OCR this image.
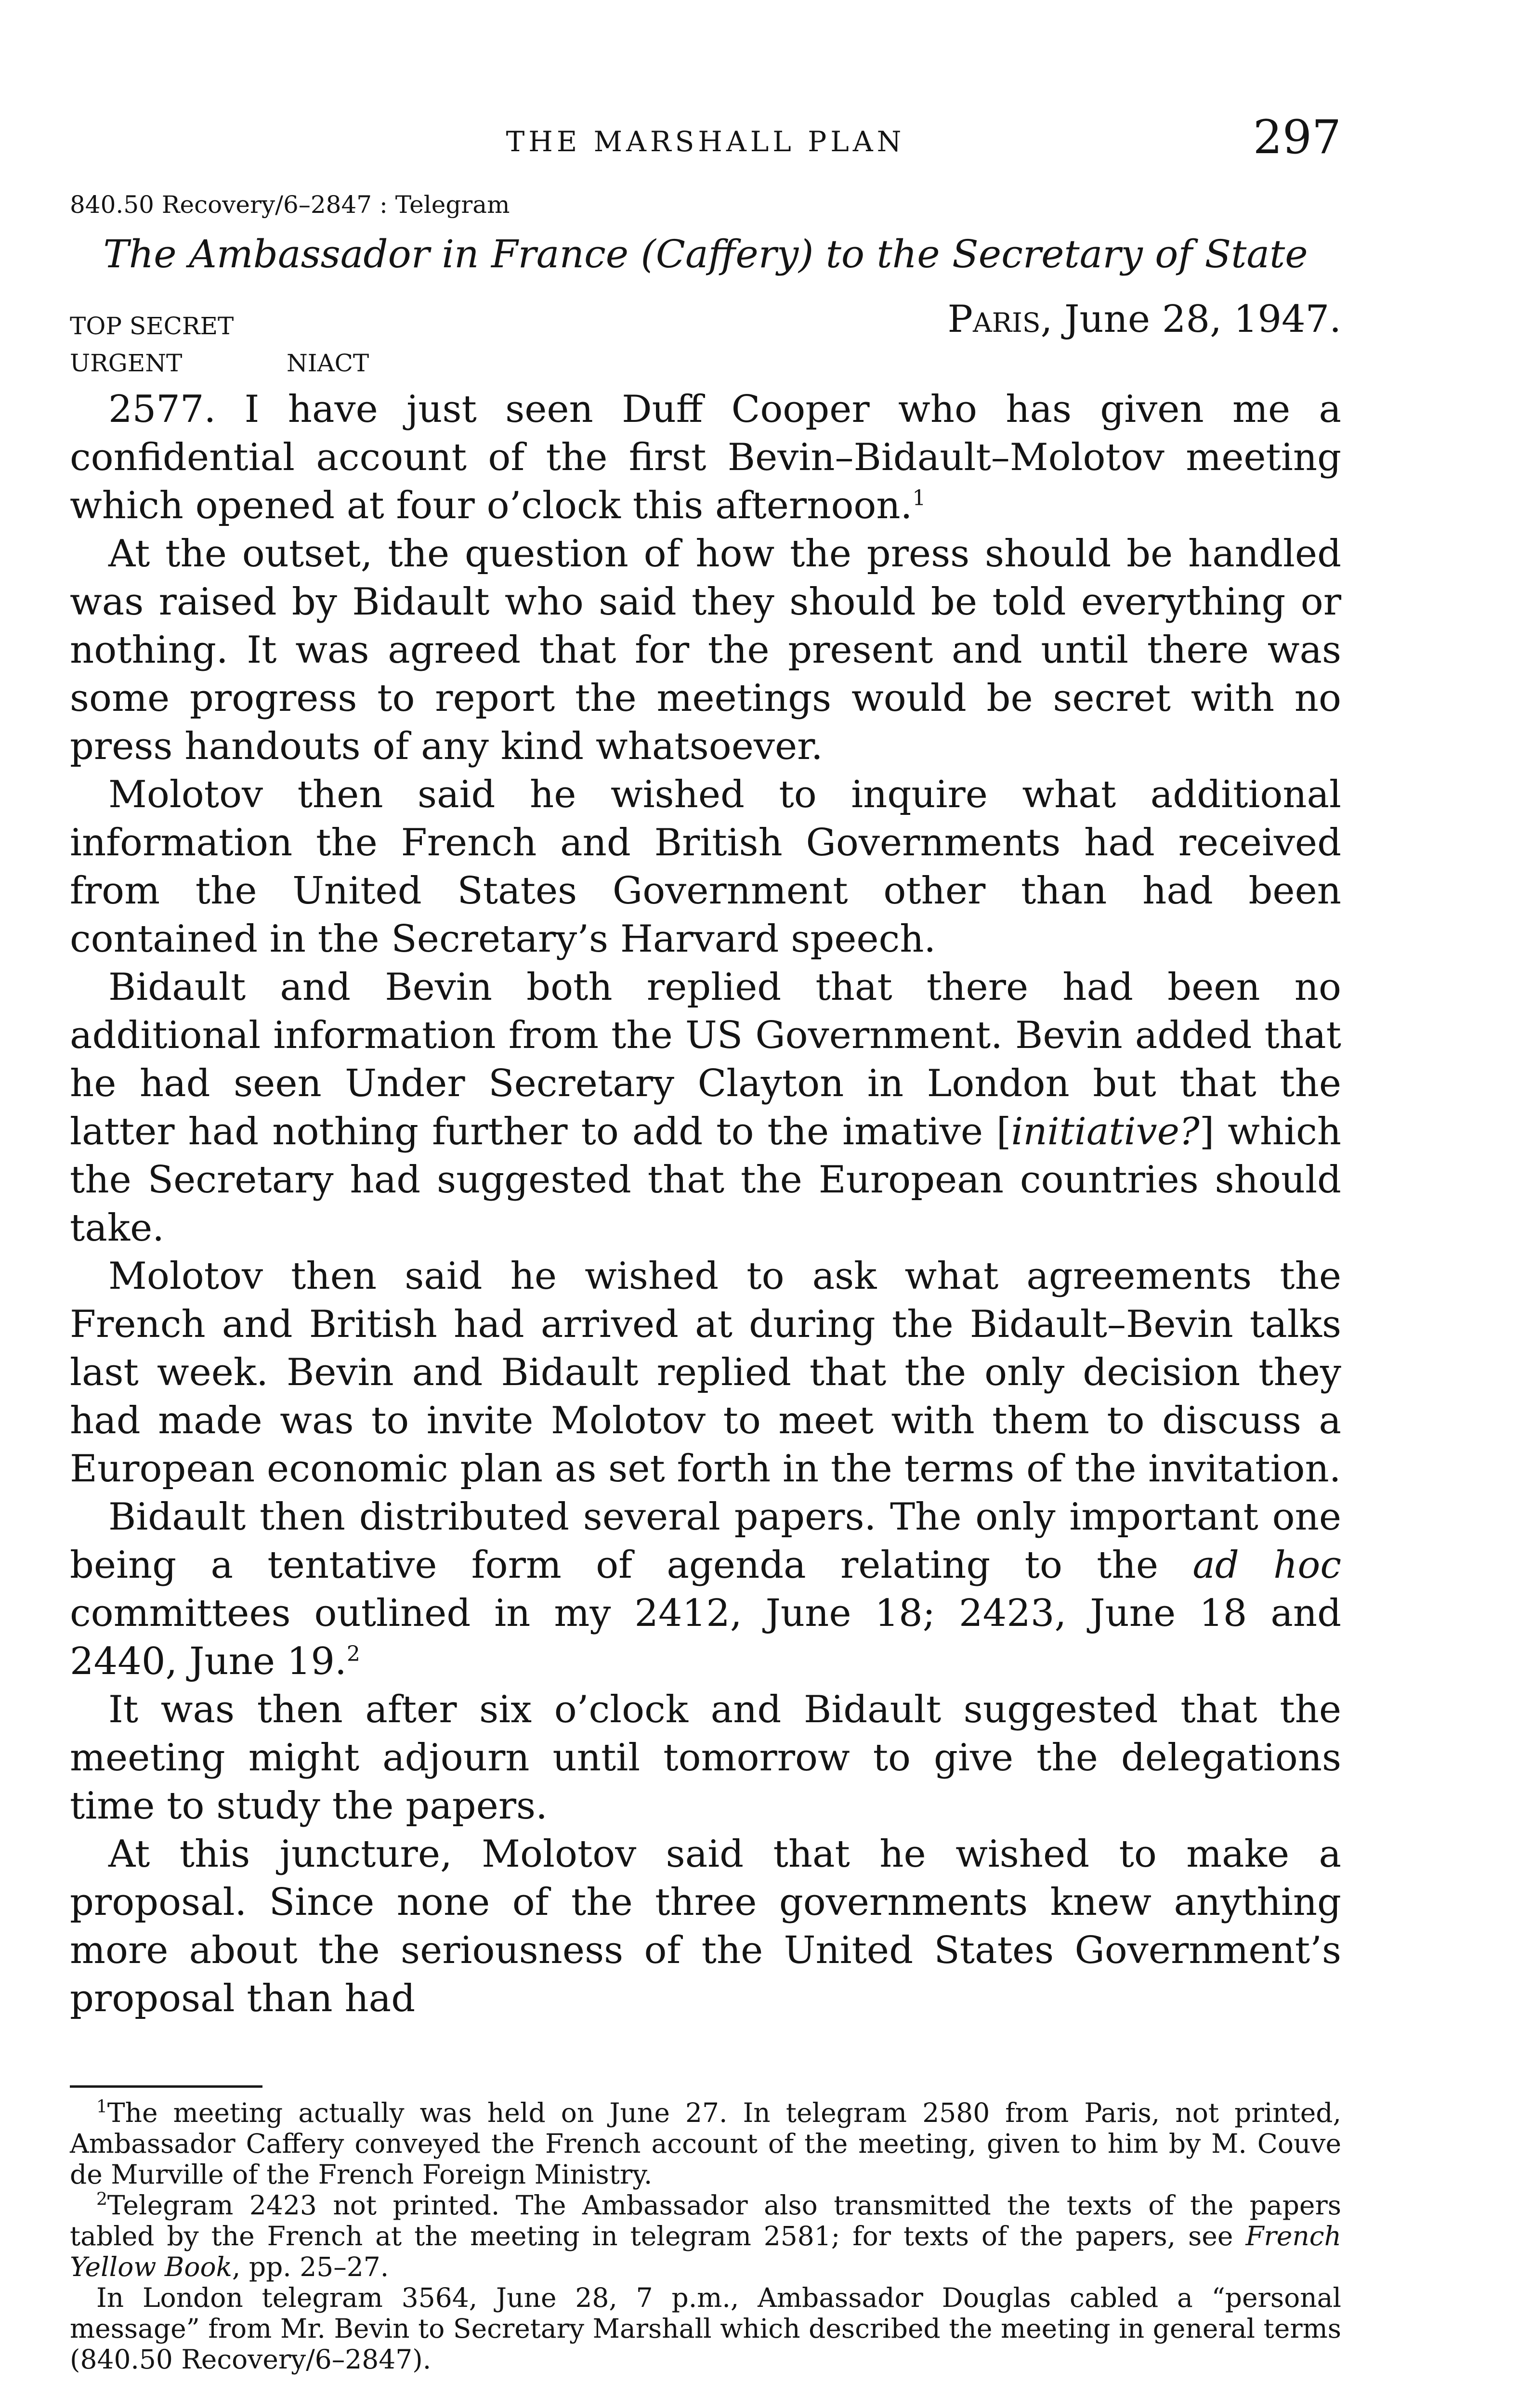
THE MARSHALL PLAN	297
840.50 Recovery/6–2847 : Telegram
The Ambassador in France (Caffery) to the Secretary of State
TOP SECRET	Paris, June 28, 1947.
URGENT	NIACT

2577. I have just seen Duff Cooper who has given me a confidential account of the first Bevin–Bidault–Molotov meeting which opened at four o’clock this afternoon.$^1$

At the outset, the question of how the press should be handled was raised by Bidault who said they should be told everything or nothing. It was agreed that for the present and until there was some progress to report the meetings would be secret with no press handouts of any kind whatsoever.

Molotov then said he wished to inquire what additional information the French and British Governments had received from the United States Government other than had been contained in the Secretary’s Harvard speech.

Bidault and Bevin both replied that there had been no additional information from the US Government. Bevin added that he had seen Under Secretary Clayton in London but that the latter had nothing further to add to the imative [initiative?] which the Secretary had suggested that the European countries should take.

Molotov then said he wished to ask what agreements the French and British had arrived at during the Bidault–Bevin talks last week. Bevin and Bidault replied that the only decision they had made was to invite Molotov to meet with them to discuss a European economic plan as set forth in the terms of the invitation.

Bidault then distributed several papers. The only important one being a tentative form of agenda relating to the ad hoc committees outlined in my 2412, June 18; 2423, June 18 and 2440, June 19.$^2$

It was then after six o’clock and Bidault suggested that the meeting might adjourn until tomorrow to give the delegations time to study the papers.

At this juncture, Molotov said that he wished to make a proposal. Since none of the three governments knew anything more about the seriousness of the United States Government’s proposal than had

$^1$The meeting actually was held on June 27. In telegram 2580 from Paris, not printed, Ambassador Caffery conveyed the French account of the meeting, given to him by M. Couve de Murville of the French Foreign Ministry.

$^2$Telegram 2423 not printed. The Ambassador also transmitted the texts of the papers tabled by the French at the meeting in telegram 2581; for texts of the papers, see French Yellow Book, pp. 25–27.

In London telegram 3564, June 28, 7 p.m., Ambassador Douglas cabled a “personal message” from Mr. Bevin to Secretary Marshall which described the meeting in general terms (840.50 Recovery/6–2847).
